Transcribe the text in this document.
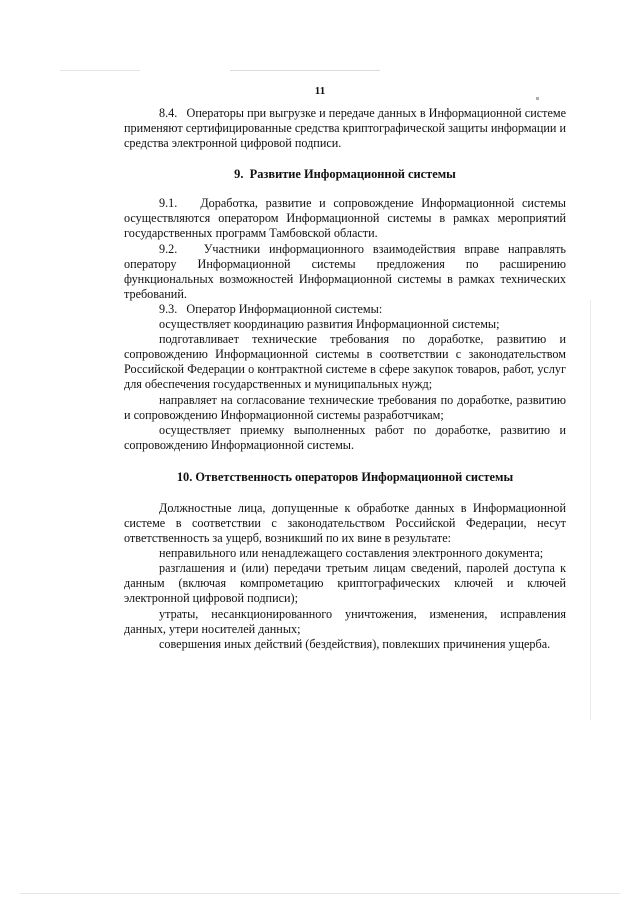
11

8.4.   Операторы при выгрузке и передаче данных в Информационной системе применяют сертифицированные средства криптографической защиты информации и средства электронной цифровой подписи.

9.  Развитие Информационной системы

9.1.   Доработка, развитие и сопровождение Информационной системы осуществляются оператором Информационной системы в рамках мероприятий государственных программ Тамбовской области.

9.2.   Участники информационного взаимодействия вправе направлять оператору Информационной системы предложения по расширению функциональных возможностей Информационной системы в рамках технических требований.

9.3.   Оператор Информационной системы:

осуществляет координацию развития Информационной системы;

подготавливает технические требования по доработке, развитию и сопровождению Информационной системы в соответствии с законодательством Российской Федерации о контрактной системе в сфере закупок товаров, работ, услуг для обеспечения государственных и муниципальных нужд;

направляет на согласование технические требования по доработке, развитию и сопровождению Информационной системы разработчикам;

осуществляет приемку выполненных работ по доработке, развитию и сопровождению Информационной системы.

10. Ответственность операторов Информационной системы

Должностные лица, допущенные к обработке данных в Информационной системе в соответствии с законодательством Российской Федерации, несут ответственность за ущерб, возникший по их вине в результате:

неправильного или ненадлежащего составления электронного документа;

разглашения и (или) передачи третьим лицам сведений, паролей доступа к данным (включая компрометацию криптографических ключей и ключей электронной цифровой подписи);

утраты, несанкционированного уничтожения, изменения, исправления данных, утери носителей данных;

совершения иных действий (бездействия), повлекших причинения ущерба.
